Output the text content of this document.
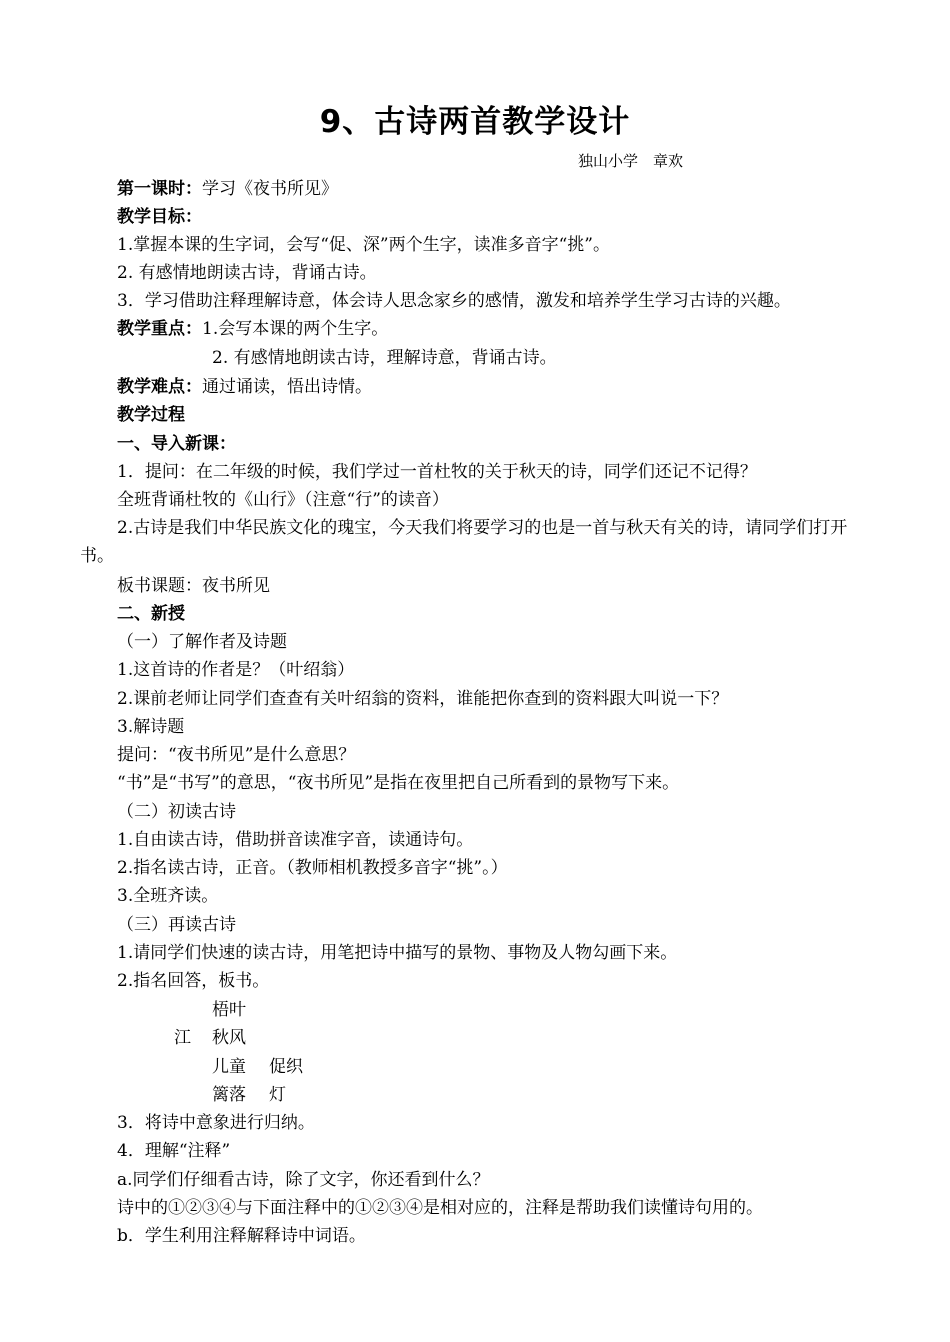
9、古诗两首教学设计
独山小学　章欢
第一课时：学习《夜书所见》
教学目标：
1.掌握本课的生字词，会写“促、深”两个生字，读准多音字“挑”。
2. 有感情地朗读古诗，背诵古诗。
3．学习借助注释理解诗意，体会诗人思念家乡的感情，激发和培养学生学习古诗的兴趣。
教学重点：1.会写本课的两个生字。
2. 有感情地朗读古诗，理解诗意，背诵古诗。
教学难点：通过诵读，悟出诗情。
教学过程
一、导入新课：
1．提问：在二年级的时候，我们学过一首杜牧的关于秋天的诗，同学们还记不记得？
全班背诵杜牧的《山行》（注意“行”的读音）
2.古诗是我们中华民族文化的瑰宝，今天我们将要学习的也是一首与秋天有关的诗，请同学们打开书。
板书课题：夜书所见
二、新授
（一）了解作者及诗题
1.这首诗的作者是？（叶绍翁）
2.课前老师让同学们查查有关叶绍翁的资料，谁能把你查到的资料跟大叫说一下？
3.解诗题
提问：“夜书所见”是什么意思？
“书”是“书写”的意思，“夜书所见”是指在夜里把自己所看到的景物写下来。
（二）初读古诗
1.自由读古诗，借助拼音读准字音，读通诗句。
2.指名读古诗，正音。（教师相机教授多音字“挑”。）
3.全班齐读。
（三）再读古诗
1.请同学们快速的读古诗，用笔把诗中描写的景物、事物及人物勾画下来。
2.指名回答，板书。
梧叶
江 秋风
儿童 促织
篱落 灯
3．将诗中意象进行归纳。
4．理解“注释”
a.同学们仔细看古诗，除了文字，你还看到什么？
诗中的①②③④与下面注释中的①②③④是相对应的，注释是帮助我们读懂诗句用的。
b．学生利用注释解释诗中词语。
